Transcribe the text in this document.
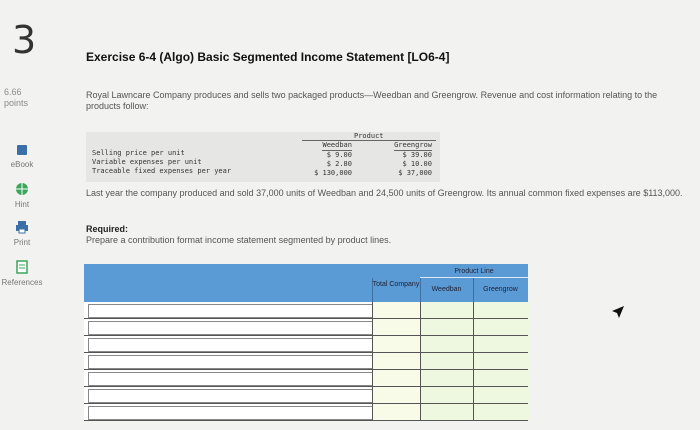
3
6.66
points
eBook
Hint
Print
References
Exercise 6-4 (Algo) Basic Segmented Income Statement [LO6-4]
Royal Lawncare Company produces and sells two packaged products—Weedban and Greengrow. Revenue and cost information relating to the products follow:
Product
Selling price per unit
Variable expenses per unit
Traceable fixed expenses per year
Weedban
$ 9.00
$ 2.80
$ 130,000
Greengrow
$ 39.00
$ 10.00
$ 37,000
Last year the company produced and sold 37,000 units of Weedban and 24,500 units of Greengrow. Its annual common fixed expenses are $113,000.
Required:
Prepare a contribution format income statement segmented by product lines.
Product Line
Total Company
Weedban	Greengrow
